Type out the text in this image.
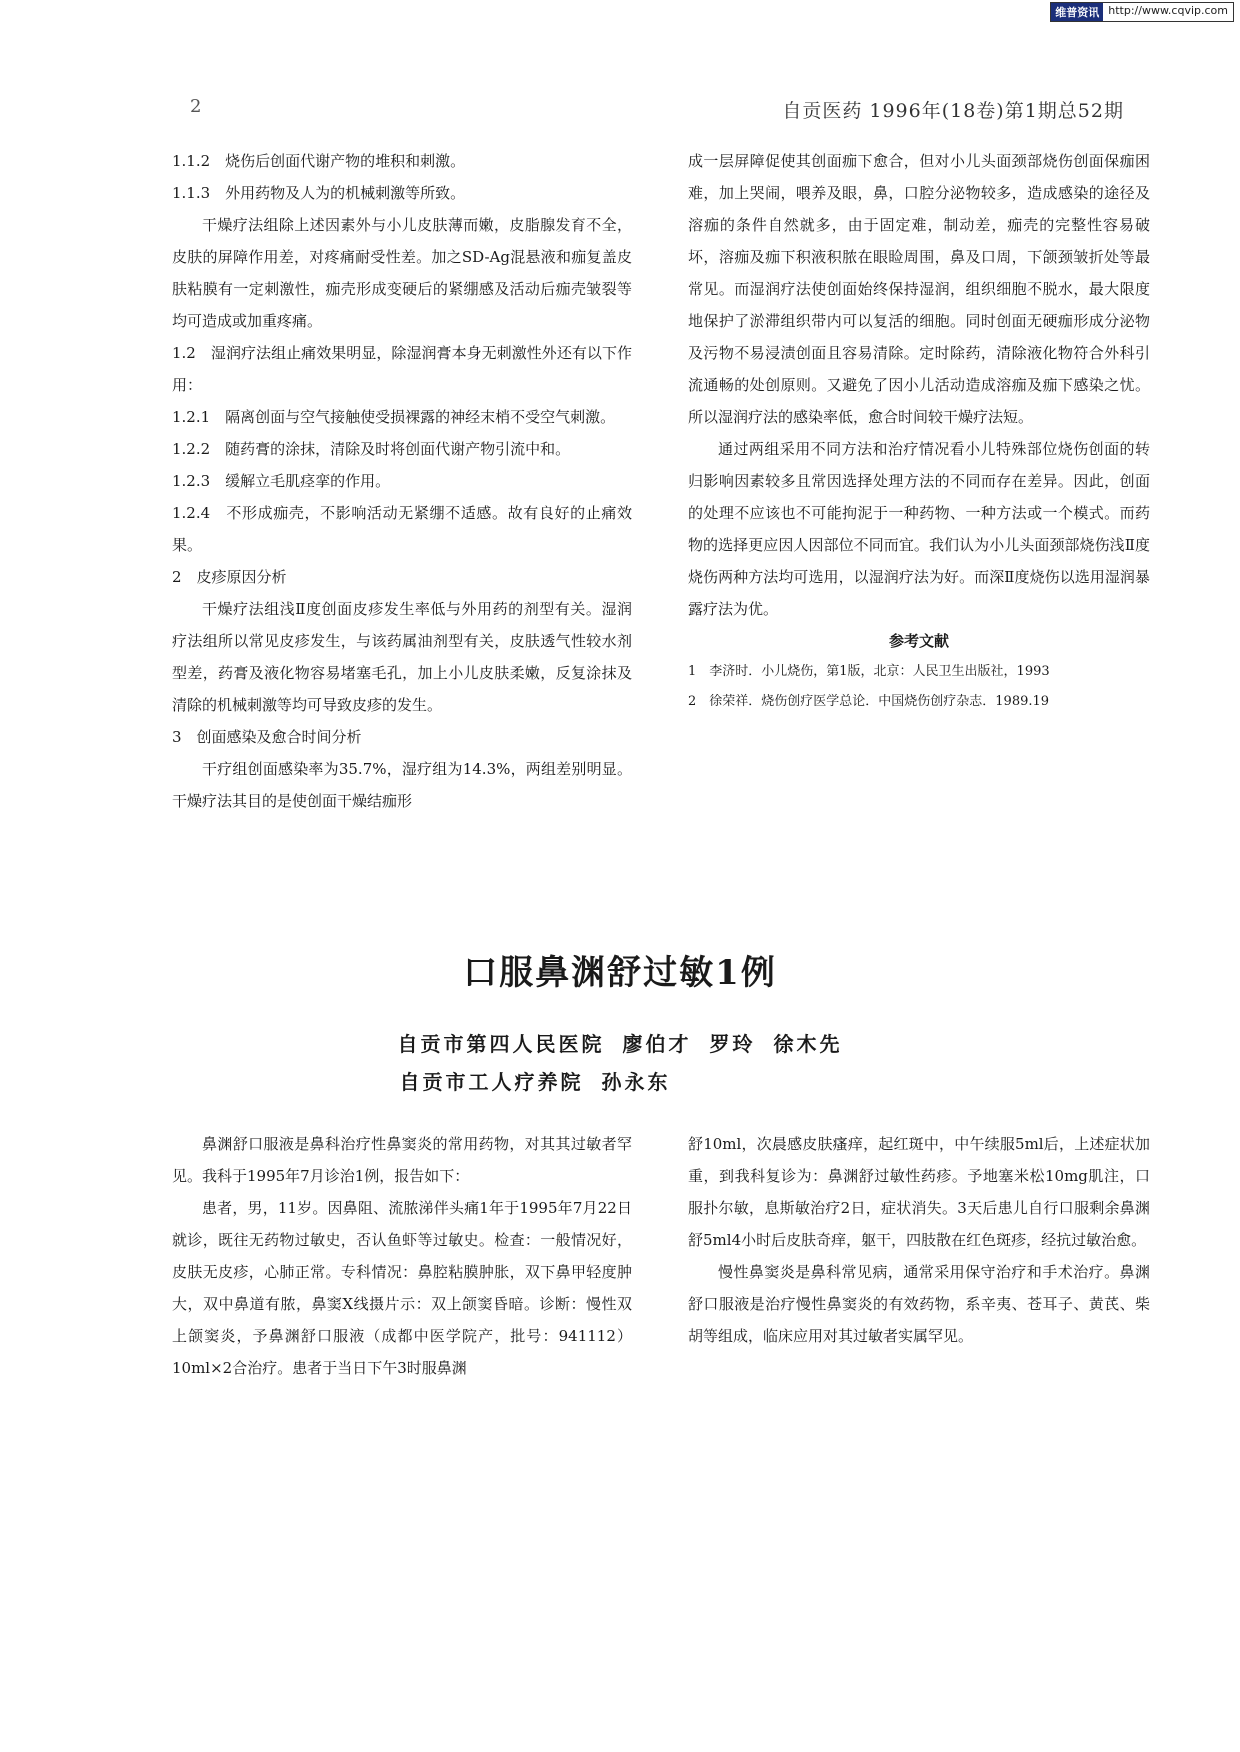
维普资讯 http://www.cqvip.com
2	自贡医药 1996年(18卷)第1期总52期

1.1.2　烧伤后创面代谢产物的堆积和刺激。

1.1.3　外用药物及人为的机械刺激等所致。

干燥疗法组除上述因素外与小儿皮肤薄而嫩，皮脂腺发育不全，皮肤的屏障作用差，对疼痛耐受性差。加之SD-Ag混悬液和痂复盖皮肤粘膜有一定刺激性，痂壳形成变硬后的紧绷感及活动后痂壳皱裂等均可造成或加重疼痛。

1.2　湿润疗法组止痛效果明显，除湿润膏本身无刺激性外还有以下作用：

1.2.1　隔离创面与空气接触使受损裸露的神经末梢不受空气刺激。

1.2.2　随药膏的涂抹，清除及时将创面代谢产物引流中和。

1.2.3　缓解立毛肌痉挛的作用。

1.2.4　不形成痂壳，不影响活动无紧绷不适感。故有良好的止痛效果。

2　皮疹原因分析

干燥疗法组浅Ⅱ度创面皮疹发生率低与外用药的剂型有关。湿润疗法组所以常见皮疹发生，与该药属油剂型有关，皮肤透气性较水剂型差，药膏及液化物容易堵塞毛孔，加上小儿皮肤柔嫩，反复涂抹及清除的机械刺激等均可导致皮疹的发生。

3　创面感染及愈合时间分析

干疗组创面感染率为35.7%，湿疗组为14.3%，两组差别明显。干燥疗法其目的是使创面干燥结痂形

成一层屏障促使其创面痂下愈合，但对小儿头面颈部烧伤创面保痂困难，加上哭闹，喂养及眼，鼻，口腔分泌物较多，造成感染的途径及溶痂的条件自然就多，由于固定难，制动差，痂壳的完整性容易破坏，溶痂及痂下积液积脓在眼睑周围，鼻及口周，下颌颈皱折处等最常见。而湿润疗法使创面始终保持湿润，组织细胞不脱水，最大限度地保护了淤滞组织带内可以复活的细胞。同时创面无硬痂形成分泌物及污物不易浸渍创面且容易清除。定时除药，清除液化物符合外科引流通畅的处创原则。又避免了因小儿活动造成溶痂及痂下感染之忧。所以湿润疗法的感染率低，愈合时间较干燥疗法短。

通过两组采用不同方法和治疗情况看小儿特殊部位烧伤创面的转归影响因素较多且常因选择处理方法的不同而存在差异。因此，创面的处理不应该也不可能拘泥于一种药物、一种方法或一个模式。而药物的选择更应因人因部位不同而宜。我们认为小儿头面颈部烧伤浅Ⅱ度烧伤两种方法均可选用，以湿润疗法为好。而深Ⅱ度烧伤以选用湿润暴露疗法为优。

参考文献

1　李济时．小儿烧伤，第1版，北京：人民卫生出版社，1993

2　徐荣祥．烧伤创疗医学总论．中国烧伤创疗杂志．1989.19

口服鼻渊舒过敏1例
自贡市第四人民医院 廖伯才 罗玲 徐木先
自贡市工人疗养院 孙永东

鼻渊舒口服液是鼻科治疗性鼻窦炎的常用药物，对其其过敏者罕见。我科于1995年7月诊治1例，报告如下：

患者，男，11岁。因鼻阻、流脓涕伴头痛1年于1995年7月22日就诊，既往无药物过敏史，否认鱼虾等过敏史。检查：一般情况好，皮肤无皮疹，心肺正常。专科情况：鼻腔粘膜肿胀，双下鼻甲轻度肿大，双中鼻道有脓，鼻窦X线摄片示：双上颌窦昏暗。诊断：慢性双上颌窦炎，予鼻渊舒口服液（成都中医学院产，批号：941112）10ml×2合治疗。患者于当日下午3时服鼻渊

舒10ml，次晨感皮肤瘙痒，起红斑中，中午续服5ml后，上述症状加重，到我科复诊为：鼻渊舒过敏性药疹。予地塞米松10mg肌注，口服扑尔敏，息斯敏治疗2日，症状消失。3天后患儿自行口服剩余鼻渊舒5ml4小时后皮肤奇痒，躯干，四肢散在红色斑疹，经抗过敏治愈。

慢性鼻窦炎是鼻科常见病，通常采用保守治疗和手术治疗。鼻渊舒口服液是治疗慢性鼻窦炎的有效药物，系辛夷、苍耳子、黄芪、柴胡等组成，临床应用对其过敏者实属罕见。
